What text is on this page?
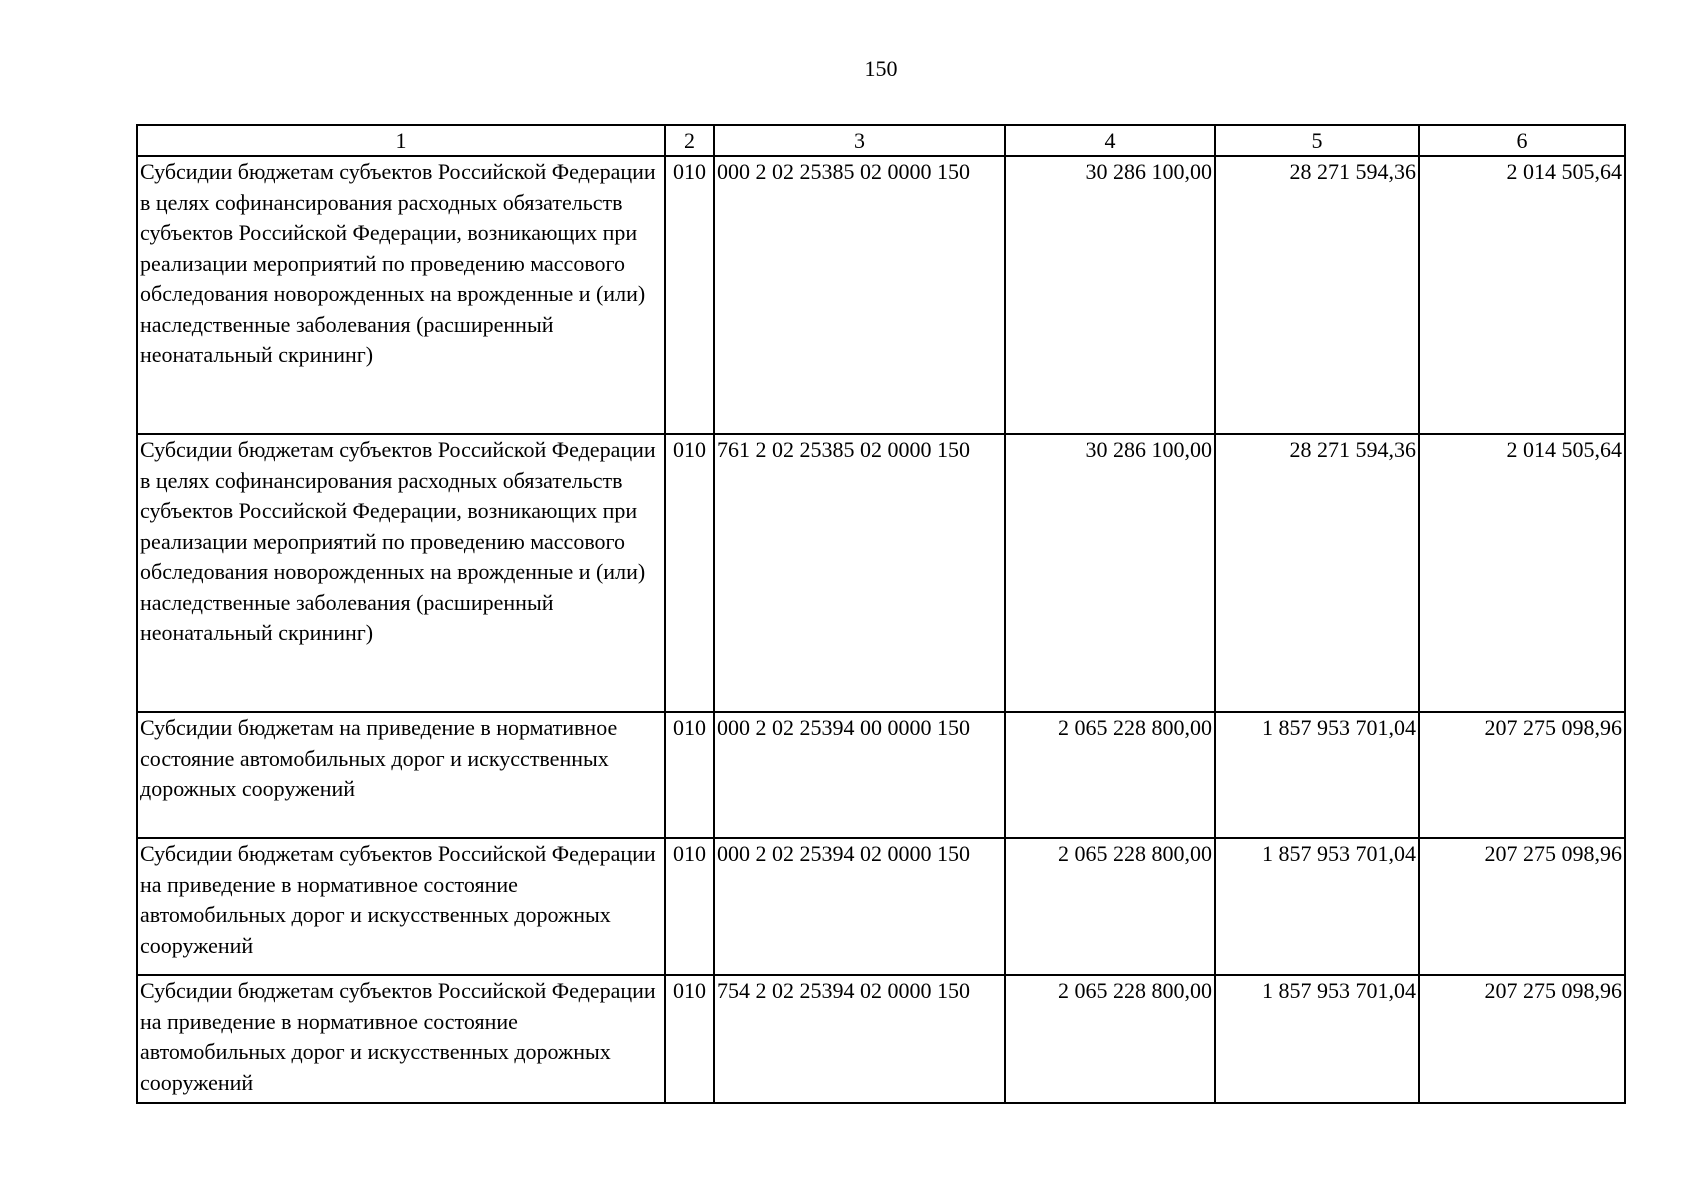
150
1	2	3	4	5	6
Субсидии бюджетам субъектов Российской Федерации в целях софинансирования расходных обязательств субъектов Российской Федерации, возникающих при реализации мероприятий по проведению массового обследования новорожденных на врожденные и (или) наследственные заболевания (расширенный неонатальный скрининг)	010	000 2 02 25385 02 0000 150	30 286 100,00	28 271 594,36	2 014 505,64
Субсидии бюджетам субъектов Российской Федерации в целях софинансирования расходных обязательств субъектов Российской Федерации, возникающих при реализации мероприятий по проведению массового обследования новорожденных на врожденные и (или) наследственные заболевания (расширенный неонатальный скрининг)	010	761 2 02 25385 02 0000 150	30 286 100,00	28 271 594,36	2 014 505,64
Субсидии бюджетам на приведение в нормативное состояние автомобильных дорог и искусственных дорожных сооружений	010	000 2 02 25394 00 0000 150	2 065 228 800,00	1 857 953 701,04	207 275 098,96
Субсидии бюджетам субъектов Российской Федерации на приведение в нормативное состояние автомобильных дорог и искусственных дорожных сооружений	010	000 2 02 25394 02 0000 150	2 065 228 800,00	1 857 953 701,04	207 275 098,96
Субсидии бюджетам субъектов Российской Федерации на приведение в нормативное состояние автомобильных дорог и искусственных дорожных сооружений	010	754 2 02 25394 02 0000 150	2 065 228 800,00	1 857 953 701,04	207 275 098,96
